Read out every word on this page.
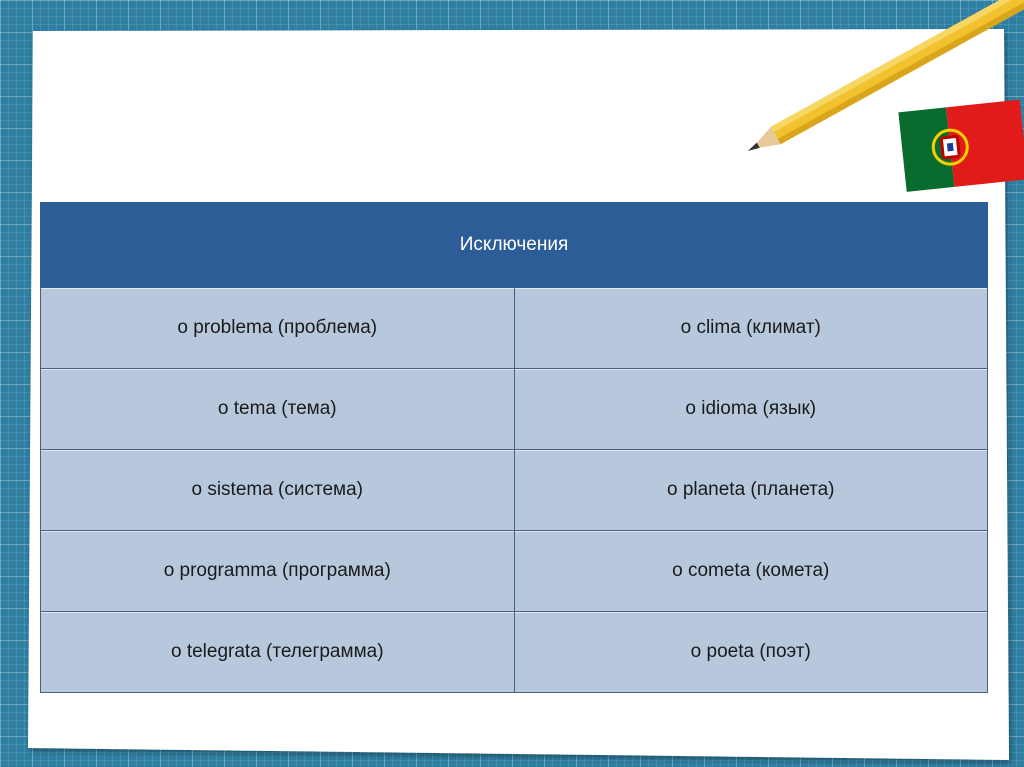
Исключения	
o problema (проблема)	o clima (климат)
o tema (тема)	o idioma (язык)
o sistema (система)	o planeta (планета)
o programma (программа)	o cometa (комета)
o telegrata (телеграмма)	o poeta (поэт)
